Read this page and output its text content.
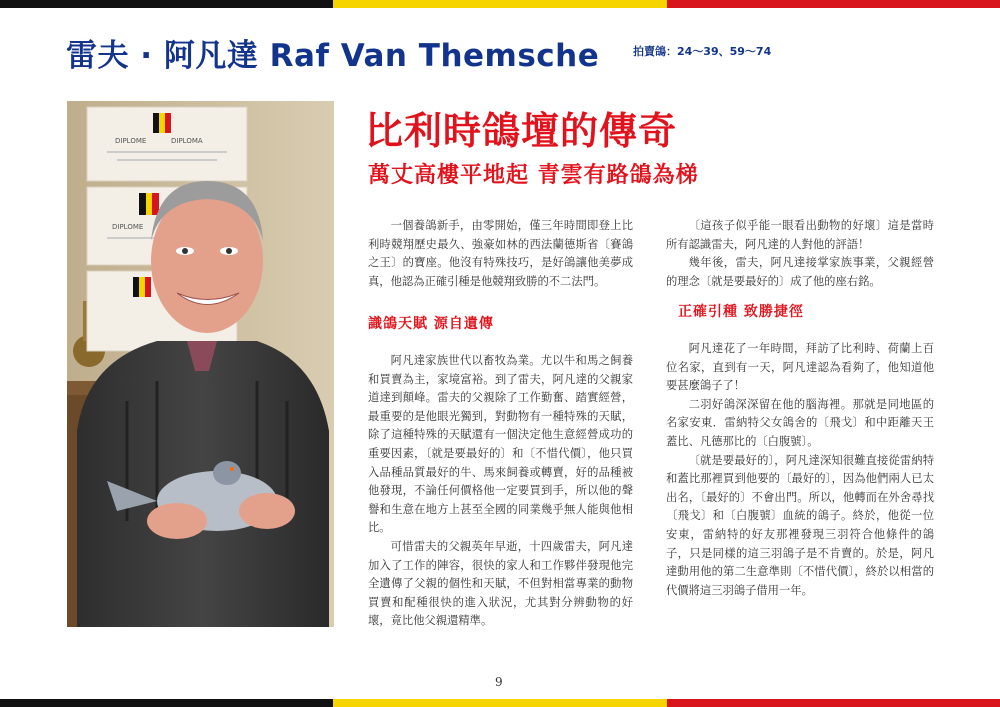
雷夫 · 阿凡達 Raf Van Themsche	拍賣鴿：24〜39、59〜74
DIPLOME	DIPLOMA
DIPLOME
比利時鴿壇的傳奇
萬丈高樓平地起 青雲有路鴿為梯

一個養鴿新手，由零開始，僅三年時間即登上比利時競翔歷史最久、強豪如林的西法蘭德斯省〔賽鴿之王〕的寶座。他沒有特殊技巧，是好鴿讓他美夢成真，他認為正確引種是他競翔致勝的不二法門。

識鴿天賦 源自遺傳

阿凡達家族世代以畜牧為業。尤以牛和馬之飼養和買賣為主，家境富裕。到了雷夫，阿凡達的父親家道達到顛峰。雷夫的父親除了工作勤奮、踏實經營，最重要的是他眼光獨到，對動物有一種特殊的天賦，除了這種特殊的天賦還有一個決定他生意經營成功的重要因素，〔就是要最好的〕和〔不惜代價〕，他只買入品種品質最好的牛、馬來飼養或轉賣，好的品種被他發現，不論任何價格他一定要買到手，所以他的聲譽和生意在地方上甚至全國的同業幾乎無人能與他相比。

可惜雷夫的父親英年早逝，十四歲雷夫，阿凡達加入了工作的陣容，很快的家人和工作夥伴發現他完全遺傳了父親的個性和天賦，不但對相當專業的動物買賣和配種很快的進入狀況，尤其對分辨動物的好壞，竟比他父親還精準。

〔這孩子似乎能一眼看出動物的好壞〕這是當時所有認識雷夫，阿凡達的人對他的評語！

幾年後，雷夫，阿凡達接掌家族事業，父親經營的理念〔就是要最好的〕成了他的座右銘。

正確引種 致勝捷徑

阿凡達花了一年時間，拜訪了比利時、荷蘭上百位名家，直到有一天，阿凡達認為看夠了，他知道他要甚麼鴿子了！

二羽好鴿深深留在他的腦海裡。那就是同地區的名家安東．雷納特父女鴿舍的〔飛戈〕和中距離天王蓋比、凡德那比的〔白腹號〕。

〔就是要最好的〕，阿凡達深知很難直接從雷納特和蓋比那裡買到他要的〔最好的〕，因為他們兩人已太出名，〔最好的〕不會出門。所以，他轉而在外舍尋找〔飛戈〕和〔白腹號〕血統的鴿子。終於，他從一位安東，雷納特的好友那裡發現三羽符合他條件的鴿子，只是同樣的這三羽鴿子是不肯賣的。於是，阿凡達動用他的第二生意準則〔不惜代價〕，終於以相當的代價將這三羽鴿子借用一年。

9
